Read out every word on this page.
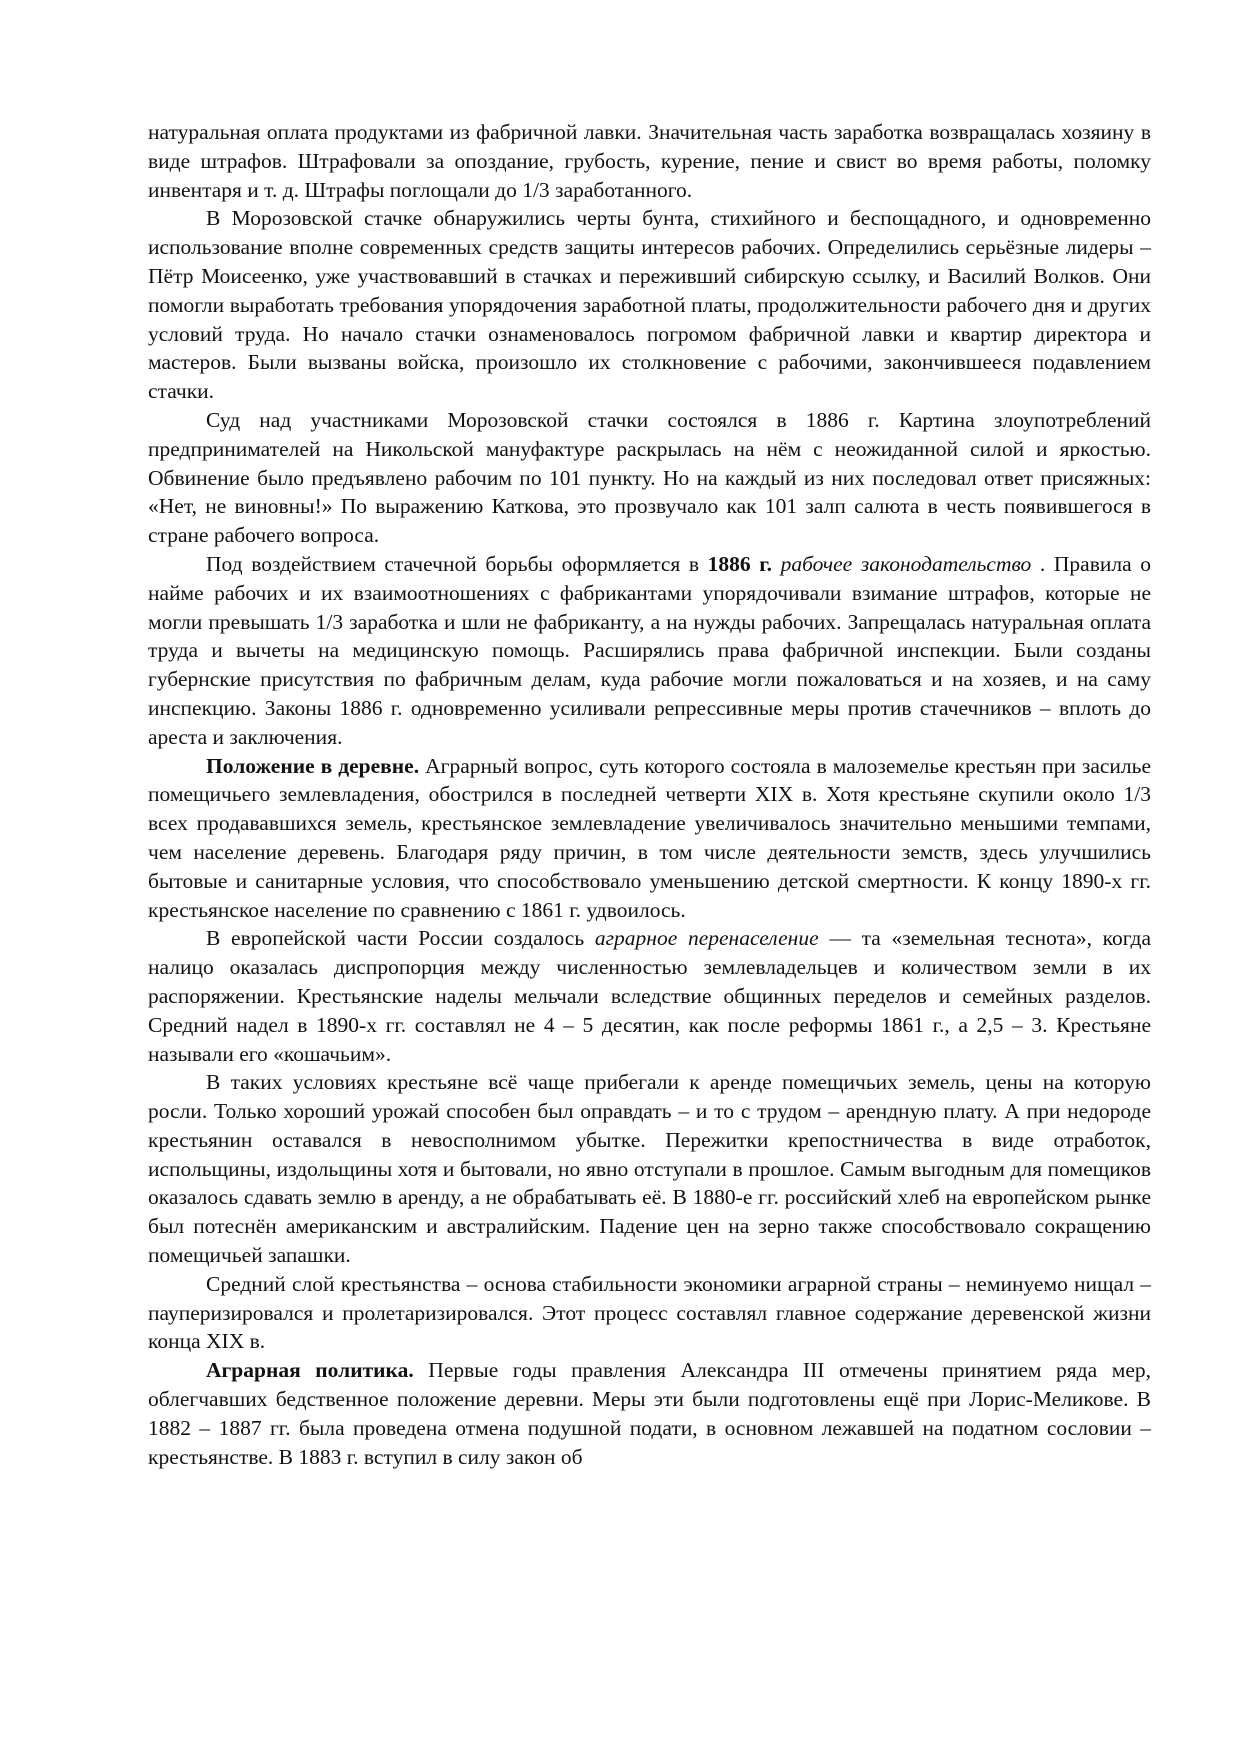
натуральная оплата продуктами из фабричной лавки. Значительная часть заработка возвращалась хозяину в виде штрафов. Штрафовали за опоздание, грубость, курение, пение и свист во время работы, поломку инвентаря и т. д. Штрафы поглощали до 1/3 заработанного.

В Морозовской стачке обнаружились черты бунта, стихийного и беспощадного, и одновременно использование вполне современных средств защиты интересов рабочих. Определились серьёзные лидеры – Пётр Моисеенко, уже участвовавший в стачках и переживший сибирскую ссылку, и Василий Волков. Они помогли выработать требования упорядочения заработной платы, продолжительности рабочего дня и других условий труда. Но начало стачки ознаменовалось погромом фабричной лавки и квартир директора и мастеров. Были вызваны войска, произошло их столкновение с рабочими, закончившееся подавлением стачки.

Суд над участниками Морозовской стачки состоялся в 1886 г. Картина злоупотреблений предпринимателей на Никольской мануфактуре раскрылась на нём с неожиданной силой и яркостью. Обвинение было предъявлено рабочим по 101 пункту. Но на каждый из них последовал ответ присяжных: «Нет, не виновны!» По выражению Каткова, это прозвучало как 101 залп салюта в честь появившегося в стране рабочего вопроса.

Под воздействием стачечной борьбы оформляется в 1886 г. рабочее законодательство . Правила о найме рабочих и их взаимоотношениях с фабрикантами упорядочивали взимание штрафов, которые не могли превышать 1/3 заработка и шли не фабриканту, а на нужды рабочих. Запрещалась натуральная оплата труда и вычеты на медицинскую помощь. Расширялись права фабричной инспекции. Были созданы губернские присутствия по фабричным делам, куда рабочие могли пожаловаться и на хозяев, и на саму инспекцию. Законы 1886 г. одновременно усиливали репрессивные меры против стачечников – вплоть до ареста и заключения.

Положение в деревне. Аграрный вопрос, суть которого состояла в малоземелье крестьян при засилье помещичьего землевладения, обострился в последней четверти XIX в. Хотя крестьяне скупили около 1/3 всех продававшихся земель, крестьянское землевладение увеличивалось значительно меньшими темпами, чем население деревень. Благодаря ряду причин, в том числе деятельности земств, здесь улучшились бытовые и санитарные условия, что способствовало уменьшению детской смертности. К концу 1890-х гг. крестьянское население по сравнению с 1861 г. удвоилось.

В европейской части России создалось аграрное перенаселение — та «земельная теснота», когда налицо оказалась диспропорция между численностью землевладельцев и количеством земли в их распоряжении. Крестьянские наделы мельчали вследствие общинных переделов и семейных разделов. Средний надел в 1890-х гг. составлял не 4 – 5 десятин, как после реформы 1861 г., а 2,5 – 3. Крестьяне называли его «кошачьим».

В таких условиях крестьяне всё чаще прибегали к аренде помещичьих земель, цены на которую росли. Только хороший урожай способен был оправдать – и то с трудом – арендную плату. А при недороде крестьянин оставался в невосполнимом убытке. Пережитки крепостничества в виде отработок, испольщины, издольщины хотя и бытовали, но явно отступали в прошлое. Самым выгодным для помещиков оказалось сдавать землю в аренду, а не обрабатывать её. В 1880-е гг. российский хлеб на европейском рынке был потеснён американским и австралийским. Падение цен на зерно также способствовало сокращению помещичьей запашки.

Средний слой крестьянства – основа стабильности экономики аграрной страны – неминуемо нищал – пауперизировался и пролетаризировался. Этот процесс составлял главное содержание деревенской жизни конца XIX в.

Аграрная политика. Первые годы правления Александра III отмечены принятием ряда мер, облегчавших бедственное положение деревни. Меры эти были подготовлены ещё при Лорис-Меликове. В 1882 – 1887 гг. была проведена отмена подушной подати, в основном лежавшей на податном сословии – крестьянстве. В 1883 г. вступил в силу закон об
